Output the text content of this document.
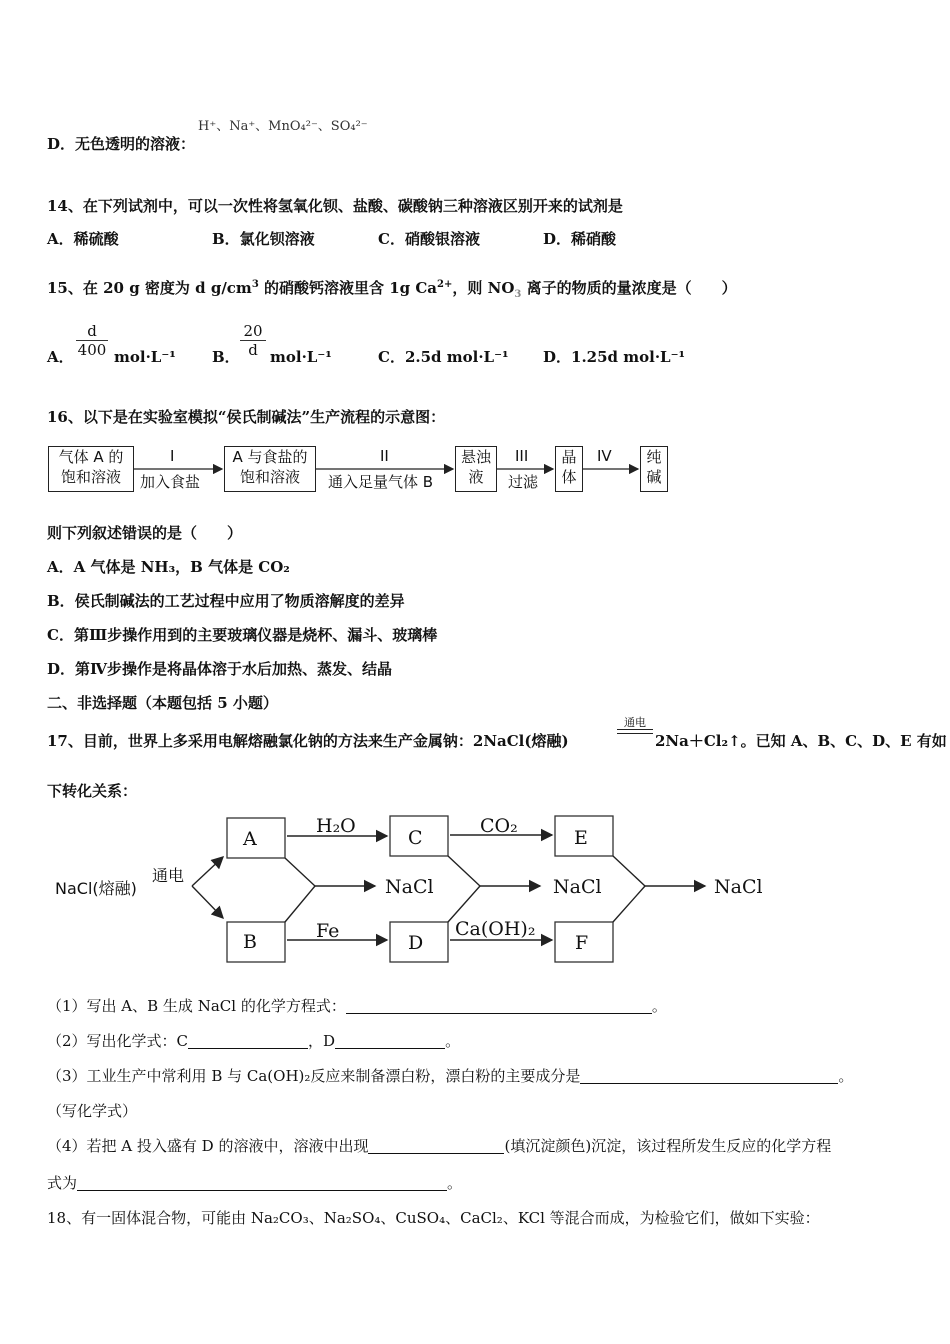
D．无色透明的溶液：
H⁺、Na⁺、MnO₄²⁻、SO₄²⁻
14、在下列试剂中，可以一次性将氢氧化钡、盐酸、碳酸钠三种溶液区别开来的试剂是
A．稀硫酸	B．氯化钡溶液	C．硝酸银溶液	D．稀硝酸
15、在 20 g 密度为 d $g/cm^3$ 的硝酸钙溶液里含 1g $Ca^{2+}$，则 $NO_3$ 离子的物质的量浓度是（　　）
A． $\frac{d}{400} mol\cdot L^{-1}$ B． $\frac{20}{d} mol\cdot L^{-1}$	C．2.5d mol·L⁻¹ D．1.25d mol·L⁻¹
16、以下是在实验室模拟“侯氏制碱法”生产流程的示意图：
气体 A 的
饱和溶液
I
加入食盐
A 与食盐的
饱和溶液
II
通入足量气体 B
悬浊
液
III
过滤
晶
体
IV	纯
碱
则下列叙述错误的是（　　）
A．A 气体是 NH₃，B 气体是 CO₂
B．侯氏制碱法的工艺过程中应用了物质溶解度的差异
C．第Ⅲ步操作用到的主要玻璃仪器是烧杯、漏斗、玻璃棒
D．第Ⅳ步操作是将晶体溶于水后加热、蒸发、结晶
二、非选择题（本题包括 5 小题）
17、目前，世界上多采用电解熔融氯化钠的方法来生产金属钠：2NaCl(熔融)
通电
2Na＋Cl₂↑。已知 A、B、C、D、E 有如
下转化关系：
NaCl(熔融)
通电
A
B
C
D
E
F
H₂O	CO₂
Fe	Ca(OH)₂
NaCl	NaCl	NaCl
（1）写出 A、B 生成 NaCl 的化学方程式：	。
（2）写出化学式：C	，D	。
（3）工业生产中常利用 B 与 Ca(OH)₂反应来制备漂白粉，漂白粉的主要成分是	。
（写化学式）
（4）若把 A 投入盛有 D 的溶液中，溶液中出现	(填沉淀颜色)沉淀，该过程所发生反应的化学方程
式为	。
18、有一固体混合物，可能由 Na₂CO₃、Na₂SO₄、CuSO₄、CaCl₂、KCl 等混合而成，为检验它们，做如下实验：
